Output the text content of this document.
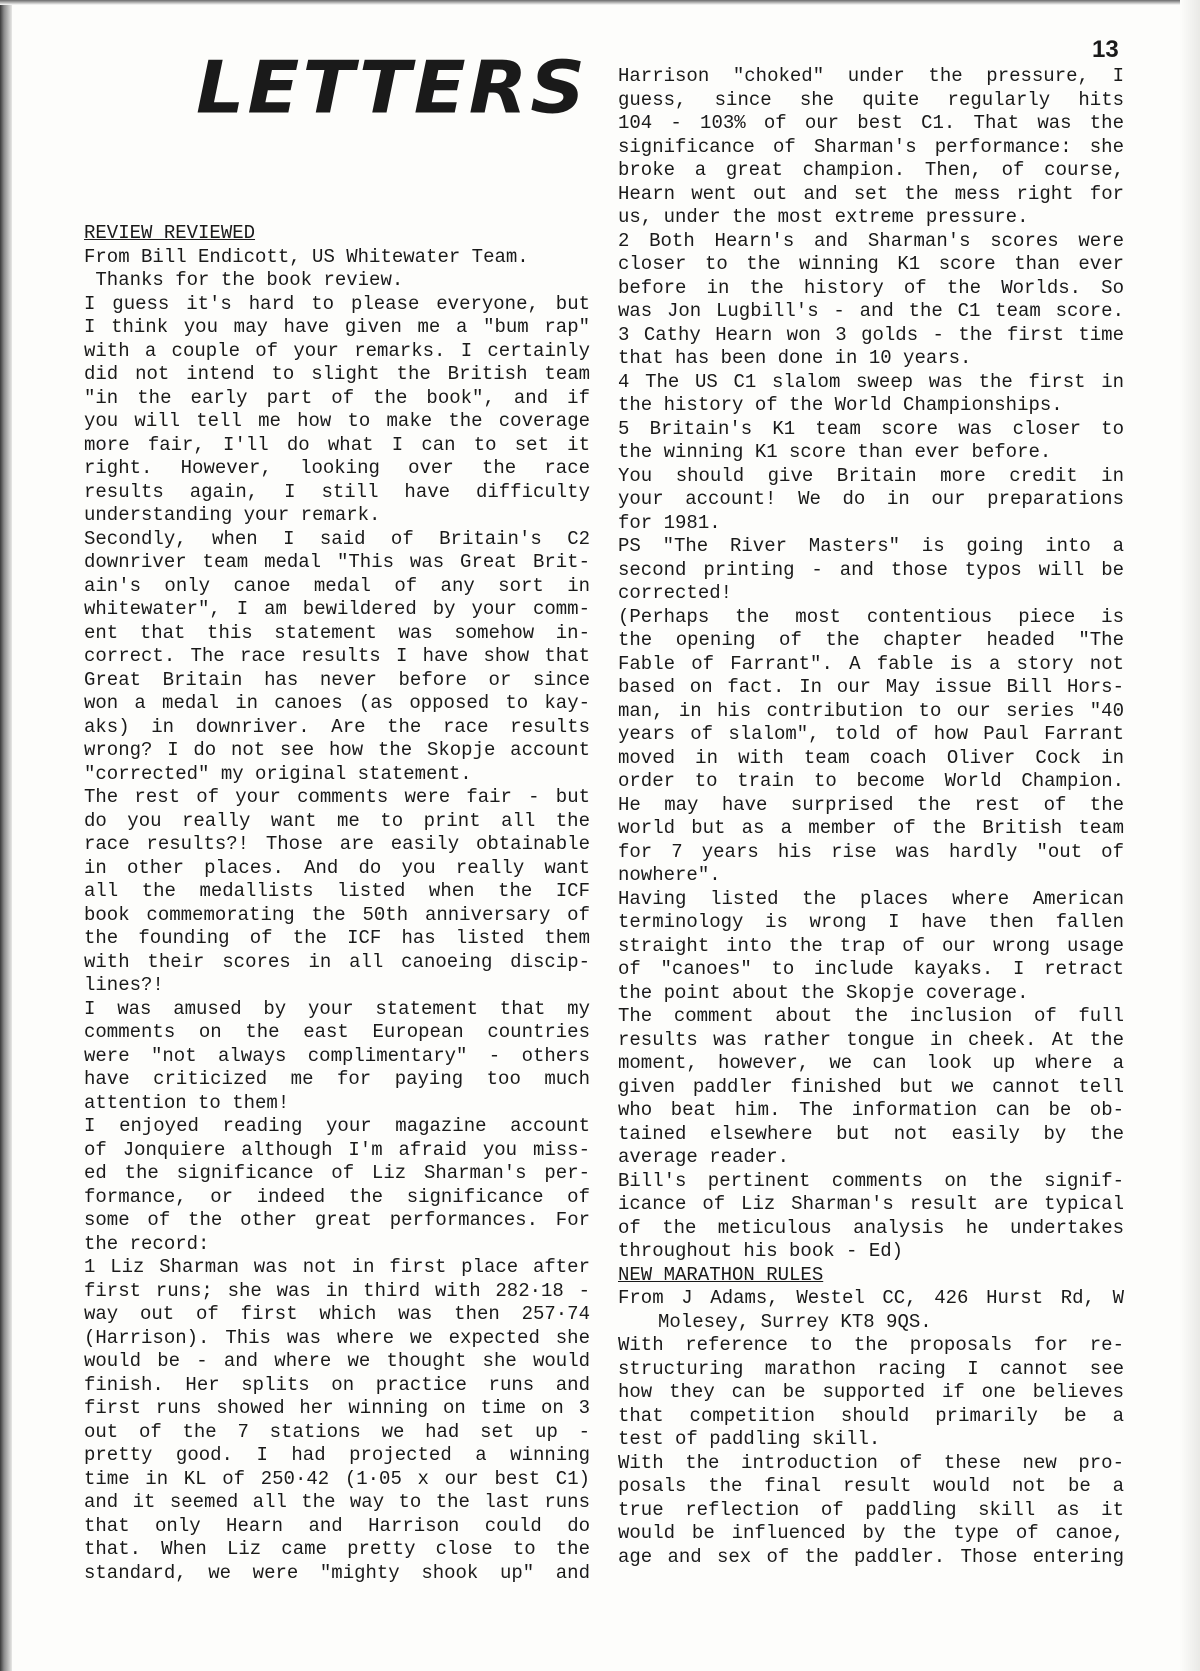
13
LETTERS
REVIEW REVIEWED
From Bill Endicott, US Whitewater Team.
Thanks for the book review.
I guess it's hard to please everyone, but
I think you may have given me a "bum rap"
with a couple of your remarks. I certainly
did not intend to slight the British team
"in the early part of the book", and if
you will tell me how to make the coverage
more fair, I'll do what I can to set it
right. However, looking over the race
results again, I still have difficulty
understanding your remark.
Secondly, when I said of Britain's C2
downriver team medal "This was Great Brit-
ain's only canoe medal of any sort in
whitewater", I am bewildered by your comm-
ent that this statement was somehow in-
correct. The race results I have show that
Great Britain has never before or since
won a medal in canoes (as opposed to kay-
aks) in downriver. Are the race results
wrong? I do not see how the Skopje account
"corrected" my original statement.
The rest of your comments were fair - but
do you really want me to print all the
race results?! Those are easily obtainable
in other places. And do you really want
all the medallists listed when the ICF
book commemorating the 50th anniversary of
the founding of the ICF has listed them
with their scores in all canoeing discip-
lines?!
I was amused by your statement that my
comments on the east European countries
were "not always complimentary" - others
have criticized me for paying too much
attention to them!
I enjoyed reading your magazine account
of Jonquiere although I'm afraid you miss-
ed the significance of Liz Sharman's per-
formance, or indeed the significance of
some of the other great performances. For
the record:
1 Liz Sharman was not in first place after
first runs; she was in third with 282·18 -
way out of first which was then 257·74
(Harrison). This was where we expected she
would be - and where we thought she would
finish. Her splits on practice runs and
first runs showed her winning on time on 3
out of the 7 stations we had set up -
pretty good. I had projected a winning
time in KL of 250·42 (1·05 x our best C1)
and it seemed all the way to the last runs
that only Hearn and Harrison could do
that. When Liz came pretty close to the
standard, we were "mighty shook up" and
Harrison "choked" under the pressure, I
guess, since she quite regularly hits
104 - 103% of our best C1. That was the
significance of Sharman's performance: she
broke a great champion. Then, of course,
Hearn went out and set the mess right for
us, under the most extreme pressure.
2 Both Hearn's and Sharman's scores were
closer to the winning K1 score than ever
before in the history of the Worlds. So
was Jon Lugbill's - and the C1 team score.
3 Cathy Hearn won 3 golds - the first time
that has been done in 10 years.
4 The US C1 slalom sweep was the first in
the history of the World Championships.
5 Britain's K1 team score was closer to
the winning K1 score than ever before.
You should give Britain more credit in
your account! We do in our preparations
for 1981.
PS "The River Masters" is going into a
second printing - and those typos will be
corrected!
(Perhaps the most contentious piece is
the opening of the chapter headed "The
Fable of Farrant". A fable is a story not
based on fact. In our May issue Bill Hors-
man, in his contribution to our series "40
years of slalom", told of how Paul Farrant
moved in with team coach Oliver Cock in
order to train to become World Champion.
He may have surprised the rest of the
world but as a member of the British team
for 7 years his rise was hardly "out of
nowhere".
Having listed the places where American
terminology is wrong I have then fallen
straight into the trap of our wrong usage
of "canoes" to include kayaks. I retract
the point about the Skopje coverage.
The comment about the inclusion of full
results was rather tongue in cheek. At the
moment, however, we can look up where a
given paddler finished but we cannot tell
who beat him. The information can be ob-
tained elsewhere but not easily by the
average reader.
Bill's pertinent comments on the signif-
icance of Liz Sharman's result are typical
of the meticulous analysis he undertakes
throughout his book - Ed)
NEW MARATHON RULES
From J Adams, Westel CC, 426 Hurst Rd, W
Molesey, Surrey KT8 9QS.
With reference to the proposals for re-
structuring marathon racing I cannot see
how they can be supported if one believes
that competition should primarily be a
test of paddling skill.
With the introduction of these new pro-
posals the final result would not be a
true reflection of paddling skill as it
would be influenced by the type of canoe,
age and sex of the paddler. Those entering
